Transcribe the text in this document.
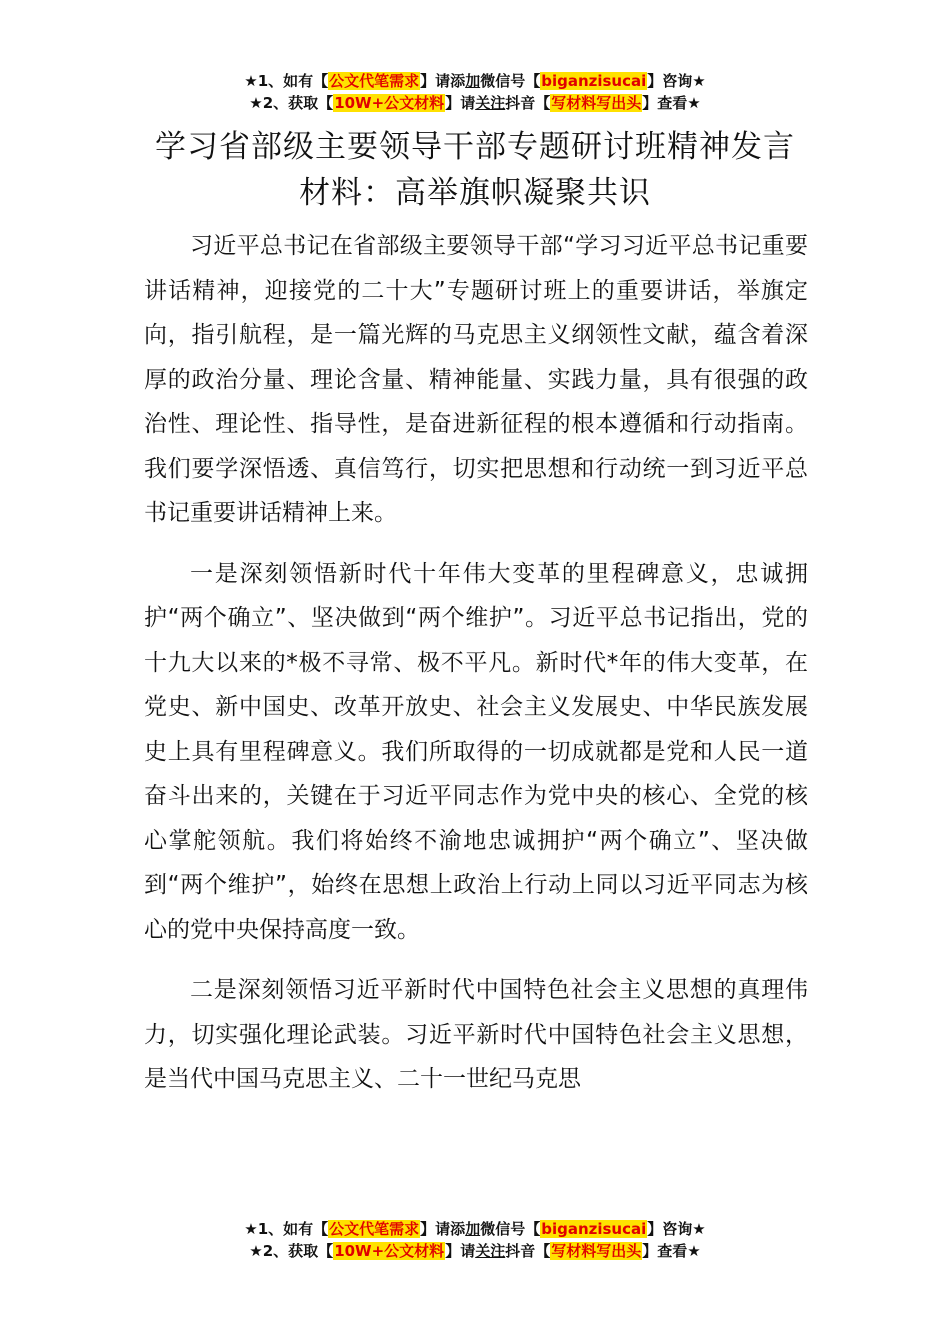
★1、如有【公文代笔需求】请添加微信号【biganzisucai】咨询★
★2、获取【10W+公文材料】请关注抖音【写材料写出头】查看★
学习省部级主要领导干部专题研讨班精神发言材料：高举旗帜凝聚共识

习近平总书记在省部级主要领导干部“学习习近平总书记重要讲话精神，迎接党的二十大”专题研讨班上的重要讲话，举旗定向，指引航程，是一篇光辉的马克思主义纲领性文献，蕴含着深厚的政治分量、理论含量、精神能量、实践力量，具有很强的政治性、理论性、指导性，是奋进新征程的根本遵循和行动指南。我们要学深悟透、真信笃行，切实把思想和行动统一到习近平总书记重要讲话精神上来。

一是深刻领悟新时代十年伟大变革的里程碑意义，忠诚拥护“两个确立”、坚决做到“两个维护”。习近平总书记指出，党的十九大以来的*极不寻常、极不平凡。新时代*年的伟大变革，在党史、新中国史、改革开放史、社会主义发展史、中华民族发展史上具有里程碑意义。我们所取得的一切成就都是党和人民一道奋斗出来的，关键在于习近平同志作为党中央的核心、全党的核心掌舵领航。我们将始终不渝地忠诚拥护“两个确立”、坚决做到“两个维护”，始终在思想上政治上行动上同以习近平同志为核心的党中央保持高度一致。

二是深刻领悟习近平新时代中国特色社会主义思想的真理伟力，切实强化理论武装。习近平新时代中国特色社会主义思想，是当代中国马克思主义、二十一世纪马克思

★1、如有【公文代笔需求】请添加微信号【biganzisucai】咨询★
★2、获取【10W+公文材料】请关注抖音【写材料写出头】查看★
